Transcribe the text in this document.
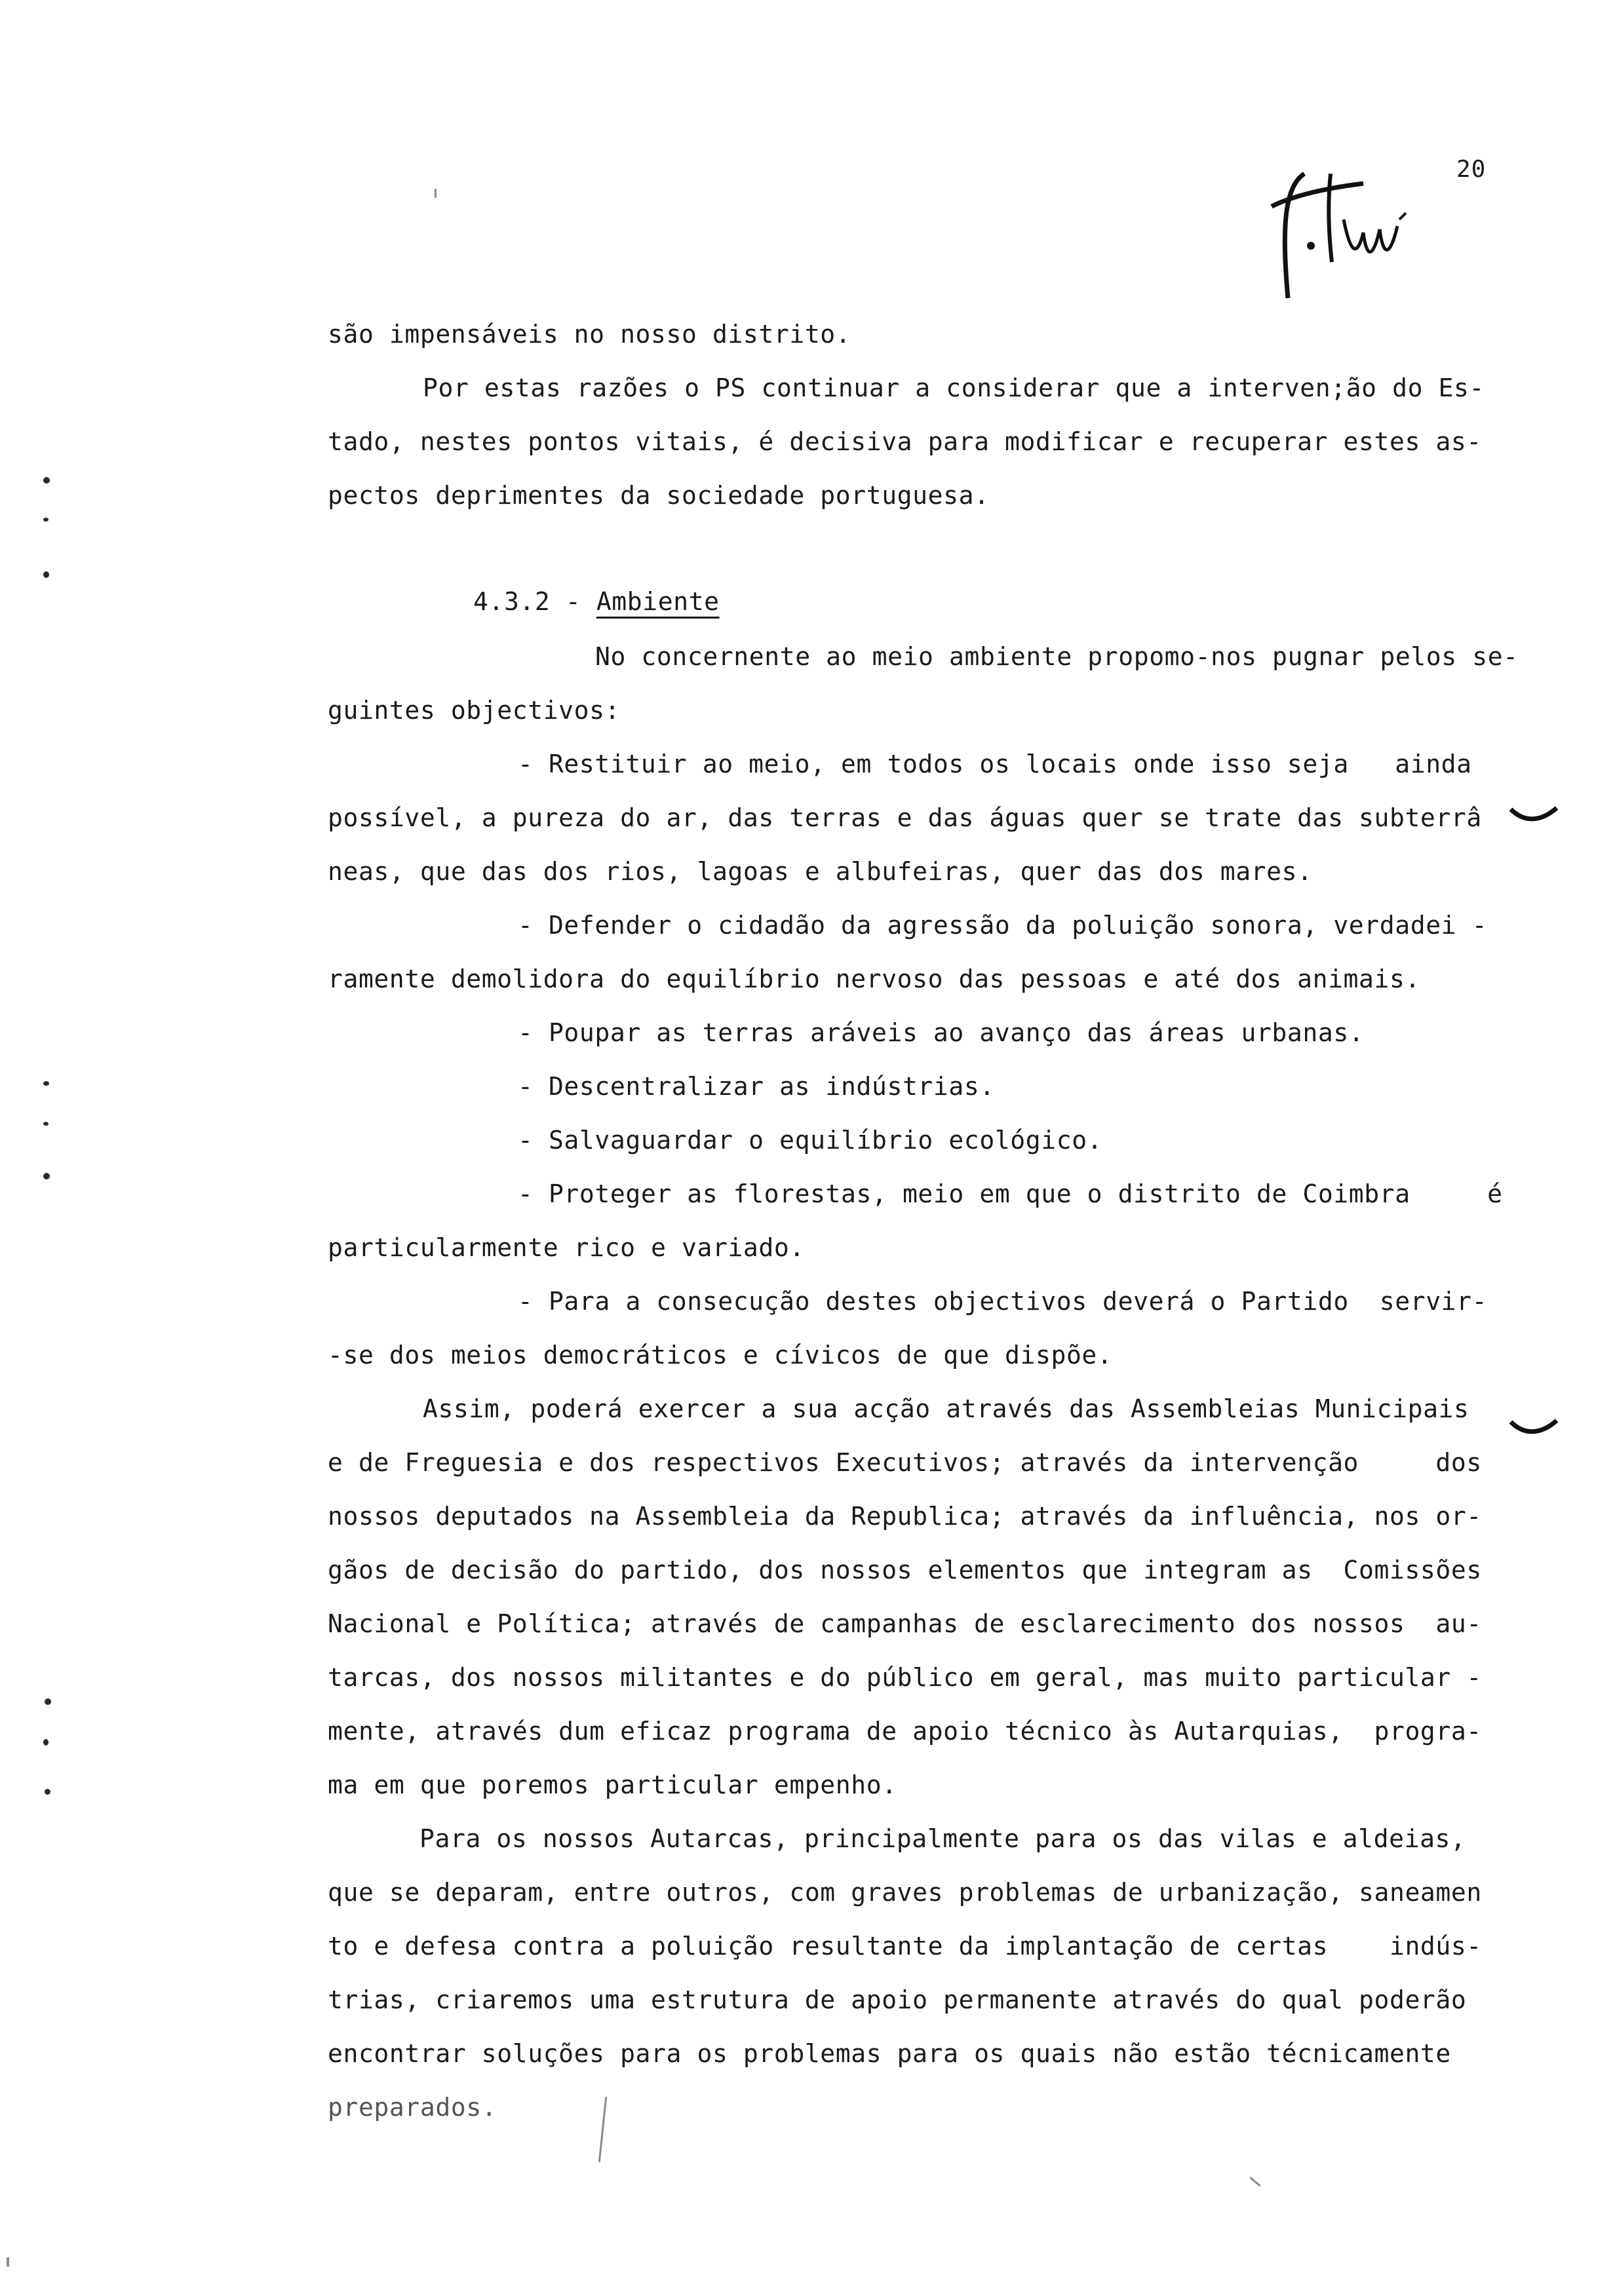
20
são impensáveis no nosso distrito.
Por estas razões o PS continuar a considerar que a interven;ão do Es-
tado, nestes pontos vitais, é decisiva para modificar e recuperar estes as-
pectos deprimentes da sociedade portuguesa.
4.3.2 - Ambiente
No concernente ao meio ambiente propomo-nos pugnar pelos se-
guintes objectivos:
- Restituir ao meio, em todos os locais onde isso seja   ainda
possível, a pureza do ar, das terras e das águas quer se trate das subterrâ
neas, que das dos rios, lagoas e albufeiras, quer das dos mares.
- Defender o cidadão da agressão da poluição sonora, verdadei -
ramente demolidora do equilíbrio nervoso das pessoas e até dos animais.
- Poupar as terras aráveis ao avanço das áreas urbanas.
- Descentralizar as indústrias.
- Salvaguardar o equilíbrio ecológico.
- Proteger as florestas, meio em que o distrito de Coimbra     é
particularmente rico e variado.
- Para a consecução destes objectivos deverá o Partido  servir-
-se dos meios democráticos e cívicos de que dispõe.
Assim, poderá exercer a sua acção através das Assembleias Municipais
e de Freguesia e dos respectivos Executivos; através da intervenção     dos
nossos deputados na Assembleia da Republica; através da influência, nos or-
gãos de decisão do partido, dos nossos elementos que integram as  Comissões
Nacional e Política; através de campanhas de esclarecimento dos nossos  au-
tarcas, dos nossos militantes e do público em geral, mas muito particular -
mente, através dum eficaz programa de apoio técnico às Autarquias,  progra-
ma em que poremos particular empenho.
Para os nossos Autarcas, principalmente para os das vilas e aldeias,
que se deparam, entre outros, com graves problemas de urbanização, saneamen
to e defesa contra a poluição resultante da implantação de certas    indús-
trias, criaremos uma estrutura de apoio permanente através do qual poderão
encontrar soluções para os problemas para os quais não estão técnicamente
preparados.
